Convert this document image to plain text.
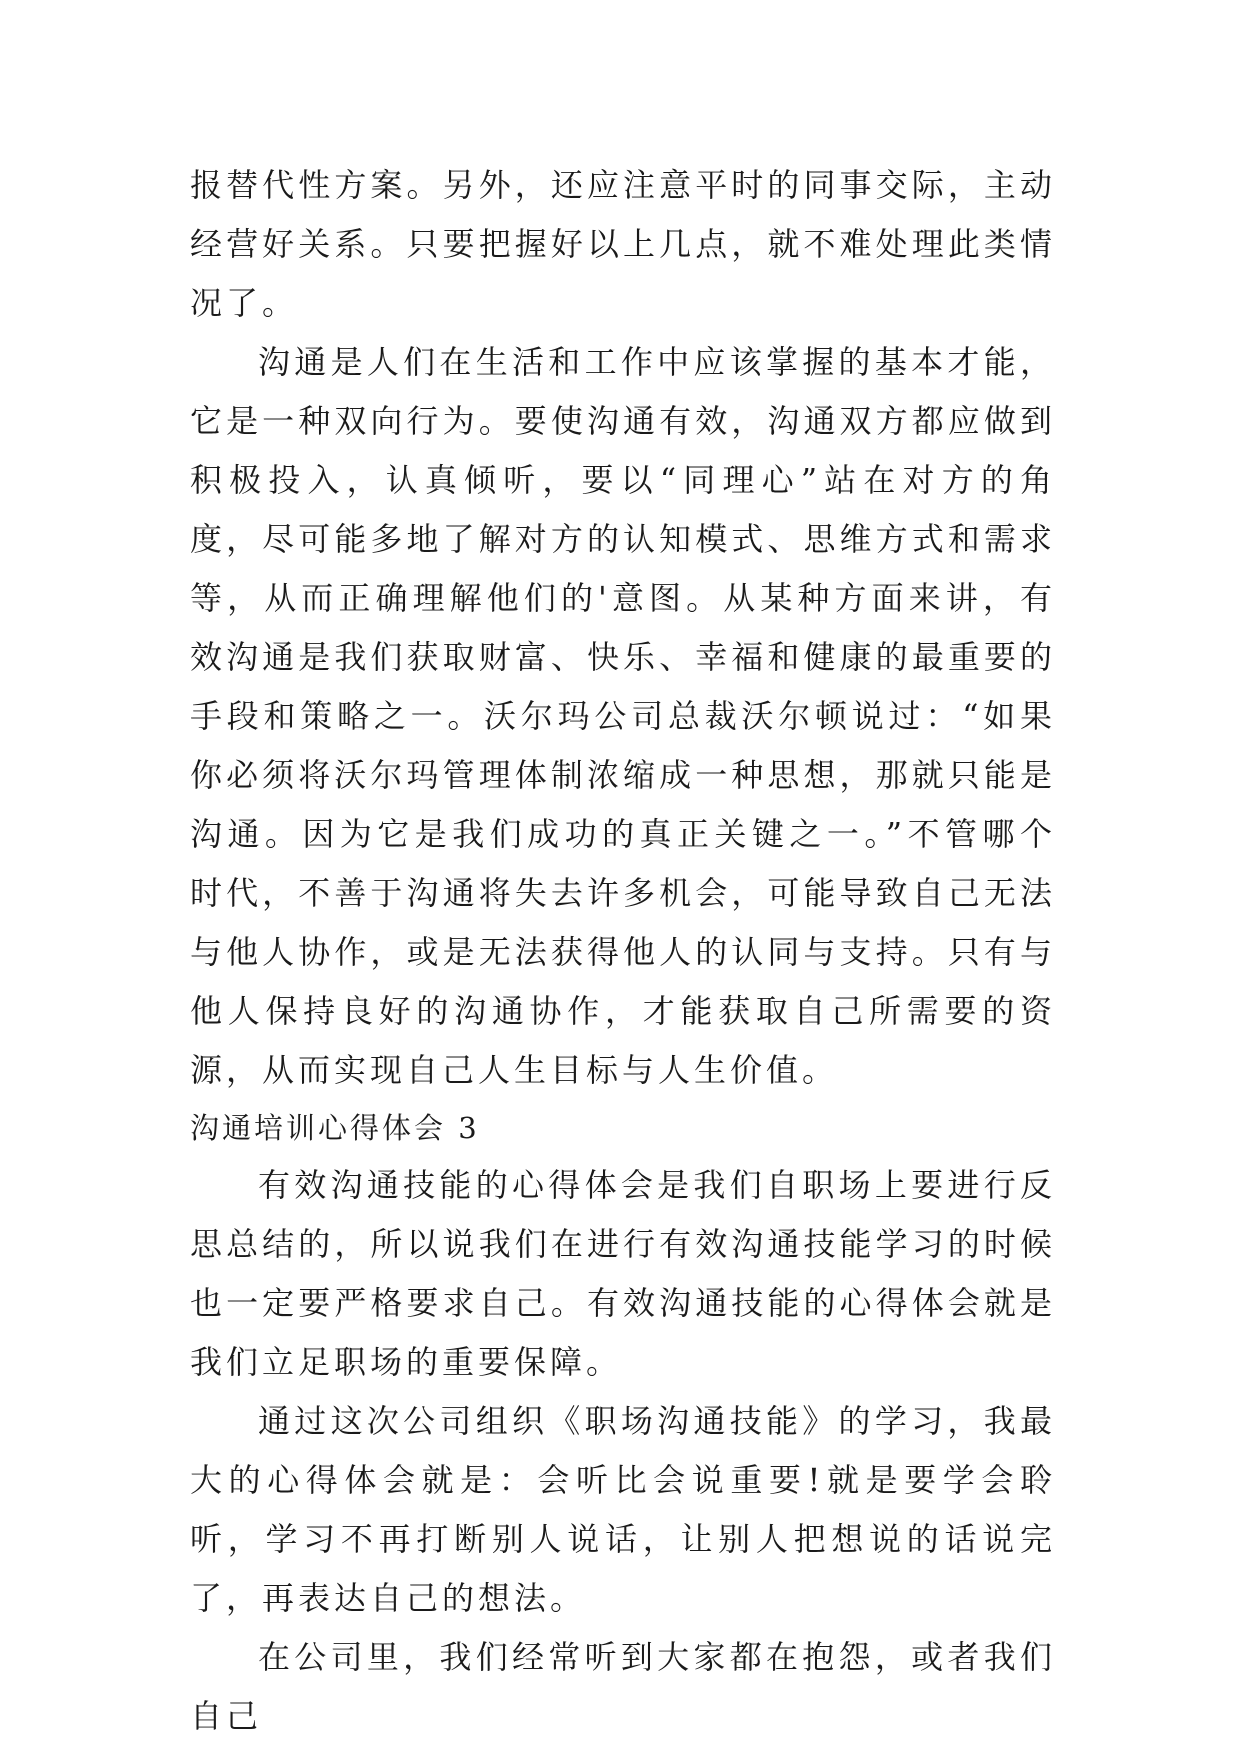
报替代性方案。另外，还应注意平时的同事交际，主动经营好关系。只要把握好以上几点，就不难处理此类情况了。

沟通是人们在生活和工作中应该掌握的基本才能，它是一种双向行为。要使沟通有效，沟通双方都应做到积极投入，认真倾听，要以“同理心”站在对方的角度，尽可能多地了解对方的认知模式、思维方式和需求等，从而正确理解他们的'意图。从某种方面来讲，有效沟通是我们获取财富、快乐、幸福和健康的最重要的手段和策略之一。沃尔玛公司总裁沃尔顿说过：“如果你必须将沃尔玛管理体制浓缩成一种思想，那就只能是沟通。因为它是我们成功的真正关键之一。”不管哪个时代，不善于沟通将失去许多机会，可能导致自己无法与他人协作，或是无法获得他人的认同与支持。只有与他人保持良好的沟通协作，才能获取自己所需要的资源，从而实现自己人生目标与人生价值。

沟通培训心得体会 3

有效沟通技能的心得体会是我们自职场上要进行反思总结的，所以说我们在进行有效沟通技能学习的时候也一定要严格要求自己。有效沟通技能的心得体会就是我们立足职场的重要保障。

通过这次公司组织《职场沟通技能》的学习，我最大的心得体会就是：会听比会说重要!就是要学会聆听，学习不再打断别人说话，让别人把想说的话说完了，再表达自己的想法。

在公司里，我们经常听到大家都在抱怨，或者我们自己
